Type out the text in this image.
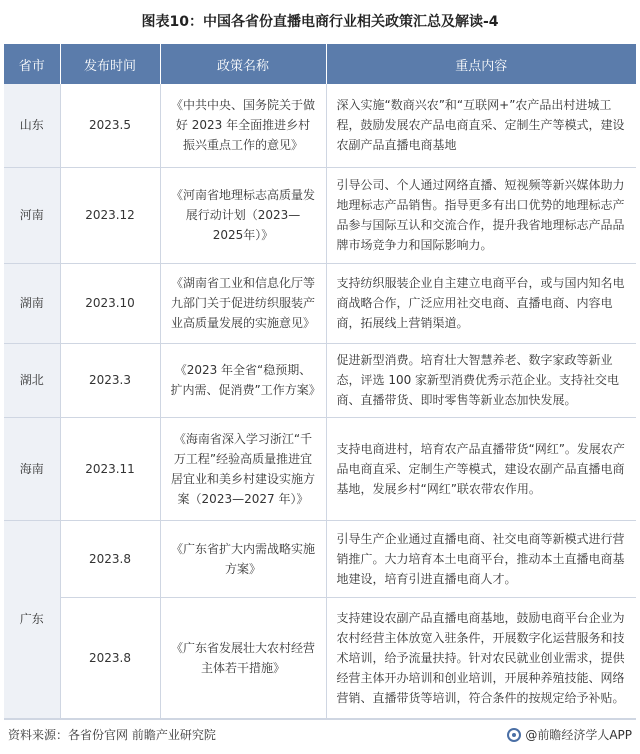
图表10：中国各省份直播电商行业相关政策汇总及解读-4
省市	发布时间	政策名称	重点内容
山东	2023.5	《中共中央、国务院关于做好 2023 年全面推进乡村振兴重点工作的意见》	深入实施“数商兴农”和“互联网+”农产品出村进城工程，鼓励发展农产品电商直采、定制生产等模式，建设农副产品直播电商基地
河南	2023.12	《河南省地理标志高质量发展行动计划（2023—2025年）》	引导公司、个人通过网络直播、短视频等新兴媒体助力地理标志产品销售。指导更多有出口优势的地理标志产品参与国际互认和交流合作，提升我省地理标志产品品牌市场竞争力和国际影响力。
湖南	2023.10	《湖南省工业和信息化厅等九部门关于促进纺织服装产业高质量发展的实施意见》	支持纺织服装企业自主建立电商平台，或与国内知名电商战略合作，广泛应用社交电商、直播电商、内容电商，拓展线上营销渠道。
湖北	2023.3	《2023 年全省“稳预期、扩内需、促消费”工作方案》	促进新型消费。培育壮大智慧养老、数字家政等新业态，评选 100 家新型消费优秀示范企业。支持社交电商、直播带货、即时零售等新业态加快发展。
海南	2023.11	《海南省深入学习浙江“千万工程”经验高质量推进宜居宜业和美乡村建设实施方案（2023—2027 年）》	支持电商进村，培育农产品直播带货“网红”。发展农产品电商直采、定制生产等模式，建设农副产品直播电商基地，发展乡村“网红”联农带农作用。
广东	2023.8	《广东省扩大内需战略实施方案》	引导生产企业通过直播电商、社交电商等新模式进行营销推广。大力培育本土电商平台，推动本土直播电商基地建设，培育引进直播电商人才。
	2023.8	《广东省发展壮大农村经营主体若干措施》	支持建设农副产品直播电商基地，鼓励电商平台企业为农村经营主体放宽入驻条件，开展数字化运营服务和技术培训，给予流量扶持。针对农民就业创业需求，提供经营主体开办培训和创业培训，开展种养殖技能、网络营销、直播带货等培训，符合条件的按规定给予补贴。
资料来源：各省份官网 前瞻产业研究院	@前瞻经济学人APP
